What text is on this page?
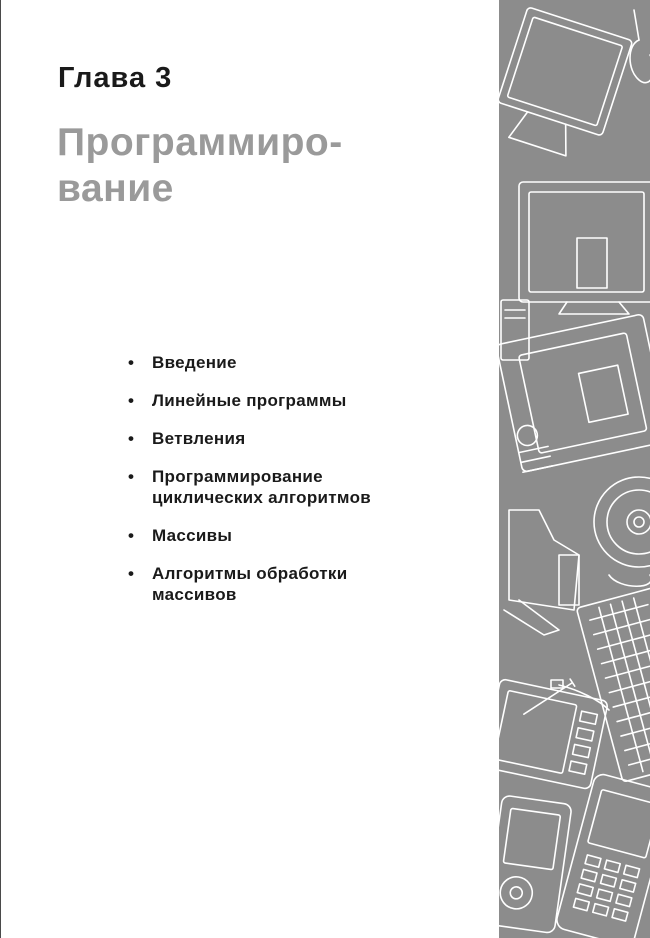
Глава 3
Программиро-
вание
• Введение
• Линейные программы
• Ветвления
• Программирование
циклических алгоритмов
• Массивы
• Алгоритмы обработки
массивов
